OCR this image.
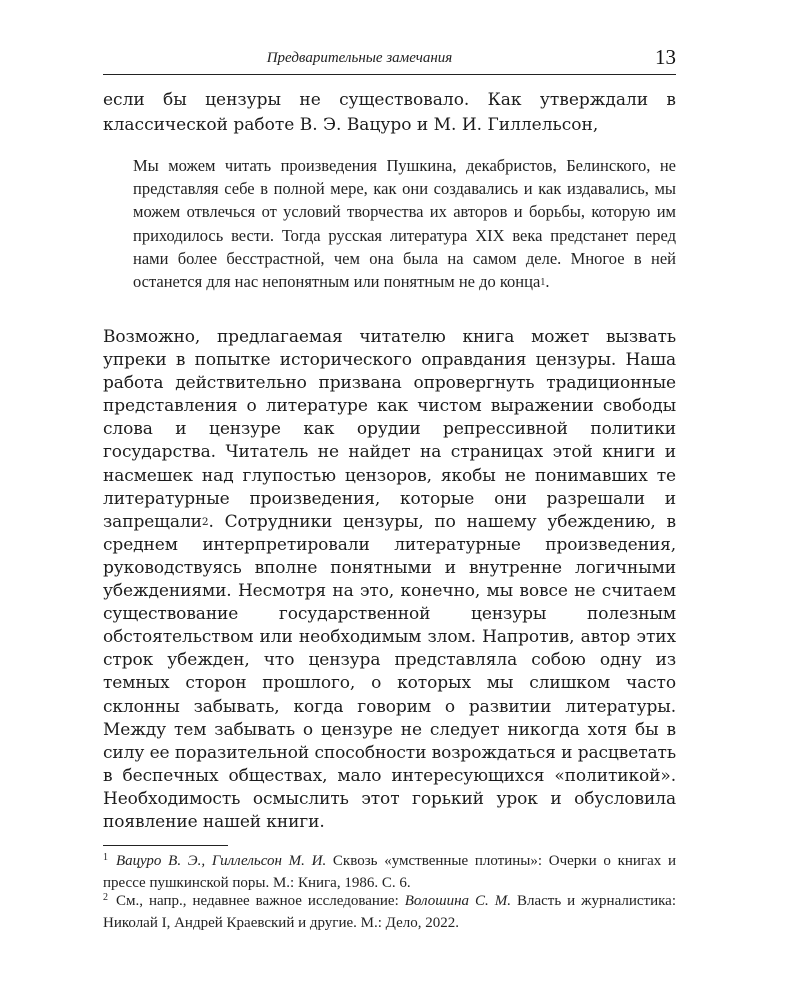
Предварительные замечания	13

если бы цензуры не существовало. Как утверждали в классической работе В. Э. Вацуро и М. И. Гиллельсон,

Мы можем читать произведения Пушкина, декабристов, Белинского, не представляя себе в полной мере, как они создавались и как издавались, мы можем отвлечься от условий творчества их авторов и борьбы, которую им приходилось вести. Тогда русская литература XIX века предстанет перед нами более бесстрастной, чем она была на самом деле. Многое в ней останется для нас непонятным или понятным не до конца$^1$.

Возможно, предлагаемая читателю книга может вызвать упреки в попытке исторического оправдания цензуры. Наша работа действительно призвана опровергнуть традиционные представления о литературе как чистом выражении свободы слова и цензуре как орудии репрессивной политики государства. Читатель не найдет на страницах этой книги и насмешек над глупостью цензоров, якобы не понимавших те литературные произведения, которые они разрешали и запрещали$^2$. Сотрудники цензуры, по нашему убеждению, в среднем интерпретировали литературные произведения, руководствуясь вполне понятными и внутренне логичными убеждениями. Несмотря на это, конечно, мы вовсе не считаем существование государственной цензуры полезным обстоятельством или необходимым злом. Напротив, автор этих строк убежден, что цензура представляла собою одну из темных сторон прошлого, о которых мы слишком часто склонны забывать, когда говорим о развитии литературы. Между тем забывать о цензуре не следует никогда хотя бы в силу ее поразительной способности возрождаться и расцветать в беспечных обществах, мало интересующихся «политикой». Необходимость осмыслить этот горький урок и обусловила появление нашей книги.

$^1$ Вацуро В. Э., Гиллельсон М. И. Сквозь «умственные плотины»: Очерки о книгах и прессе пушкинской поры. М.: Книга, 1986. С. 6.

$^2$ См., напр., недавнее важное исследование: Волошина С. М. Власть и журналистика: Николай I, Андрей Краевский и другие. М.: Дело, 2022.
